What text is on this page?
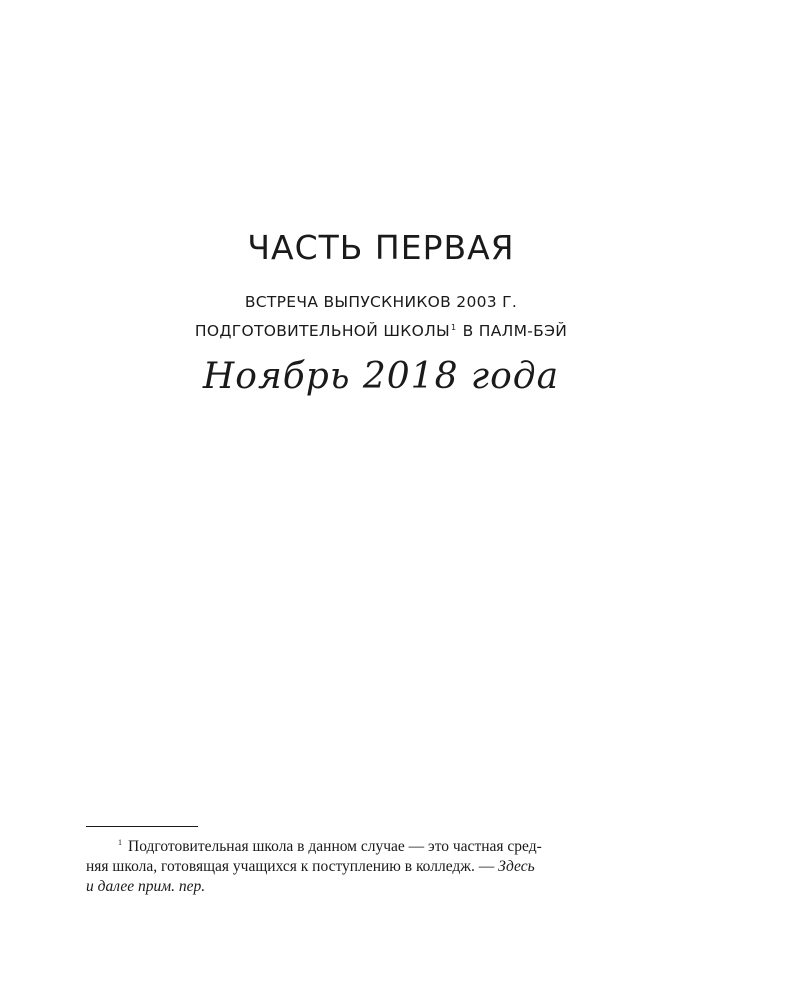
ЧАСТЬ ПЕРВАЯ

ВСТРЕЧА ВЫПУСКНИКОВ 2003 Г.
ПОДГОТОВИТЕЛЬНОЙ ШКОЛЫ$^1$ В ПАЛМ-БЭЙ

Ноябрь 2018 года

$^1$ Подготовительная школа в данном случае — это частная сред-
няя школа, готовящая учащихся к поступлению в колледж. — Здесь
и далее прим. пер.
